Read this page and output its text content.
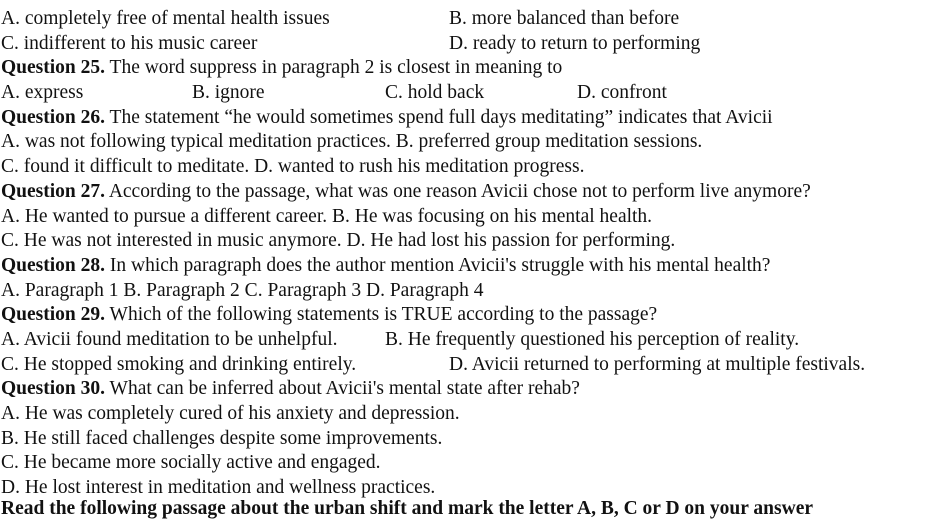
A. completely free of mental health issues	B. more balanced than before
C. indifferent to his music career	D. ready to return to performing
Question 25. The word suppress in paragraph 2 is closest in meaning to
A. express	B. ignore	C. hold back	D. confront
Question 26. The statement “he would sometimes spend full days meditating” indicates that Avicii
A. was not following typical meditation practices. B. preferred group meditation sessions.
C. found it difficult to meditate. D. wanted to rush his meditation progress.
Question 27. According to the passage, what was one reason Avicii chose not to perform live anymore?
A. He wanted to pursue a different career. B. He was focusing on his mental health.
C. He was not interested in music anymore. D. He had lost his passion for performing.
Question 28. In which paragraph does the author mention Avicii's struggle with his mental health?
A. Paragraph 1 B. Paragraph 2 C. Paragraph 3 D. Paragraph 4
Question 29. Which of the following statements is TRUE according to the passage?
A. Avicii found meditation to be unhelpful. B. He frequently questioned his perception of reality.
C. He stopped smoking and drinking entirely.	D. Avicii returned to performing at multiple festivals.
Question 30. What can be inferred about Avicii's mental state after rehab?
A. He was completely cured of his anxiety and depression.
B. He still faced challenges despite some improvements.
C. He became more socially active and engaged.
D. He lost interest in meditation and wellness practices.
Read the following passage about the urban shift and mark the letter A, B, C or D on your answer
